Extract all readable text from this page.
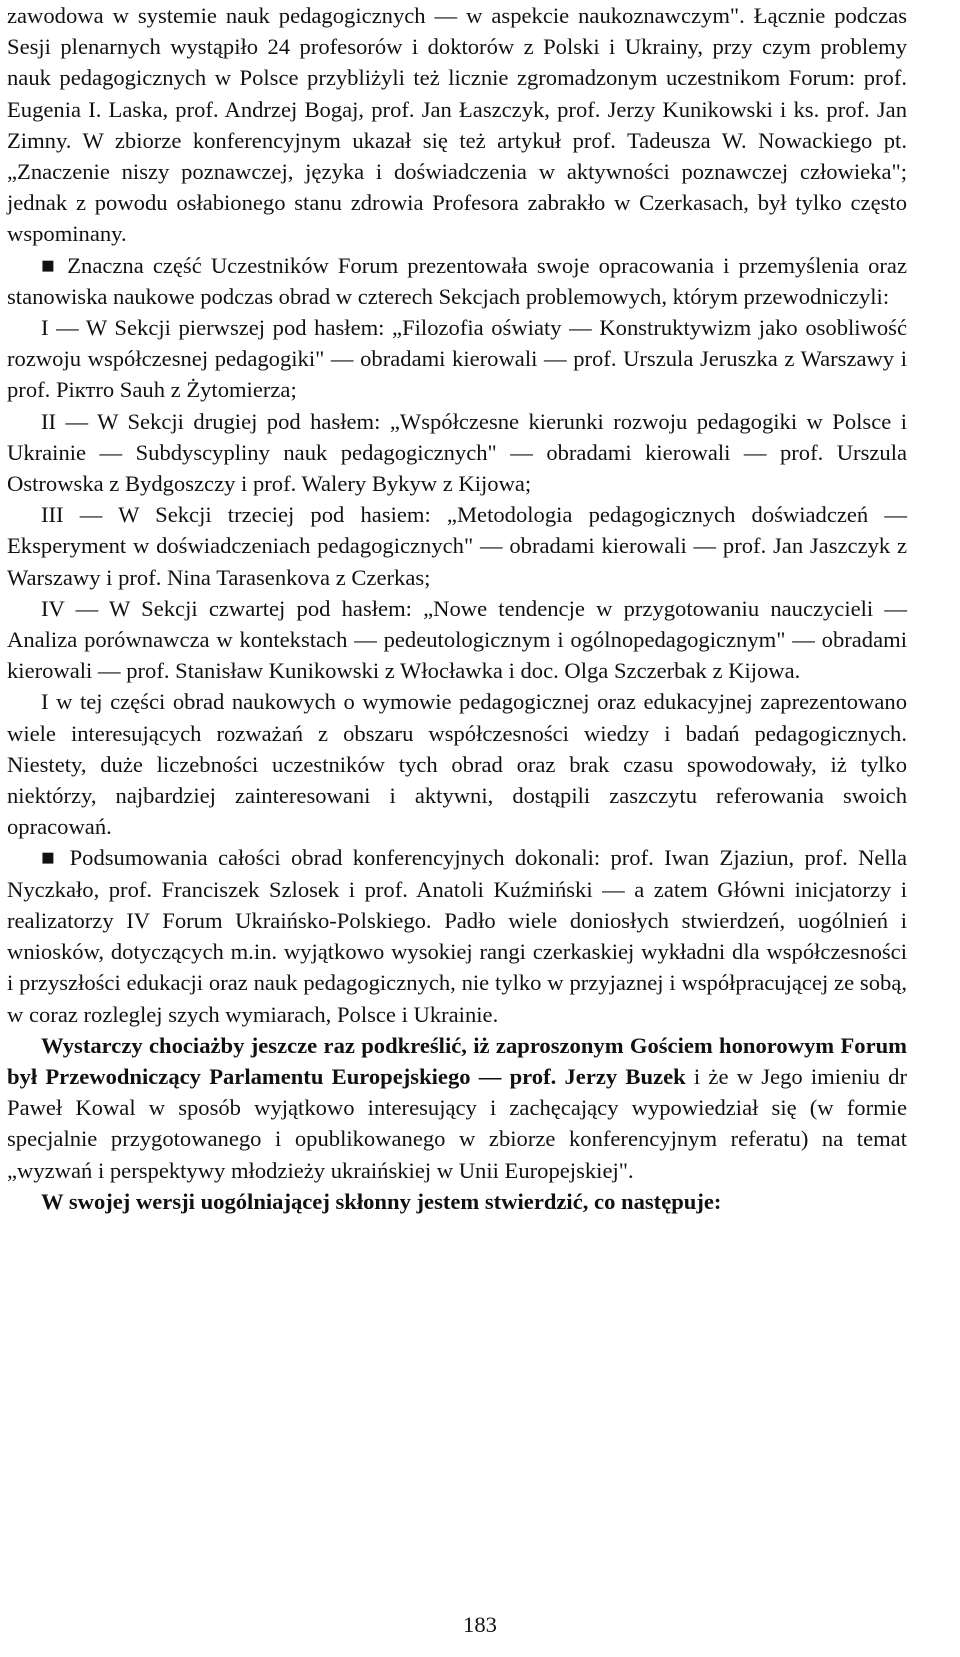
zawodowa w systemie nauk pedagogicznych — w aspekcie naukoznawczym". Łącznie podczas Sesji plenarnych wystąpiło 24 profesorów i doktorów z Polski i Ukrainy, przy czym problemy nauk pedagogicznych w Polsce przybliżyli też licznie zgromadzonym uczestnikom Forum: prof. Eugenia I. Laska, prof. Andrzej Bogaj, prof. Jan Łaszczyk, prof. Jerzy Kunikowski i ks. prof. Jan Zimny. W zbiorze konferencyjnym ukazał się też artykuł prof. Tadeusza W. Nowackiego pt. „Znaczenie niszy poznawczej, języka i doświadczenia w aktywności poznawczej człowieka"; jednak z powodu osłabionego stanu zdrowia Profesora zabrakło w Czerkasach, był tylko często wspominany.

■ Znaczna część Uczestników Forum prezentowała swoje opracowania i przemyślenia oraz stanowiska naukowe podczas obrad w czterech Sekcjach problemowych, którym przewodniczyli:

I — W Sekcji pierwszej pod hasłem: „Filozofia oświaty — Konstruktywizm jako osobliwość rozwoju współczesnej pedagogiki" — obradami kierowali — prof. Urszula Jeruszka z Warszawy i prof. Ріктro Sauh z Żytomierza;

II — W Sekcji drugiej pod hasłem: „Współczesne kierunki rozwoju pedagogiki w Polsce i Ukrainie — Subdyscypliny nauk pedagogicznych" — obradami kierowali — prof. Urszula Ostrowska z Bydgoszczy i prof. Walery Bykyw z Kijowa;

III — W Sekcji trzeciej pod hasiem: „Metodologia pedagogicznych doświadczeń — Eksperyment w doświadczeniach pedagogicznych" — obradami kierowali — prof. Jan Jaszczyk z Warszawy i prof. Nina Tarasenkova z Czerkas;

IV — W Sekcji czwartej pod hasłem: „Nowe tendencje w przygotowaniu nauczycieli — Analiza porównawcza w kontekstach — pedeutologicznym i ogólnopedagogicznym" — obradami kierowali — prof. Stanisław Kunikowski z Włocławka i doc. Olga Szczerbak z Kijowa.

I w tej części obrad naukowych o wymowie pedagogicznej oraz edukacyjnej zaprezentowano wiele interesujących rozważań z obszaru współczesności wiedzy i badań pedagogicznych. Niestety, duże liczebności uczestników tych obrad oraz brak czasu spowodowały, iż tylko niektórzy, najbardziej zainteresowani i aktywni, dostąpili zaszczytu referowania swoich opracowań.

■ Podsumowania całości obrad konferencyjnych dokonali: prof. Iwan Zjaziun, prof. Nella Nyczkało, prof. Franciszek Szlosek i prof. Anatoli Kuźmiński — a zatem Główni inicjatorzy i realizatorzy IV Forum Ukraińsko-Polskiego. Padło wiele doniosłych stwierdzeń, uogólnień i wniosków, dotyczących m.in. wyjątkowo wysokiej rangi czerkaskiej wykładni dla współczesności i przyszłości edukacji oraz nauk pedagogicznych, nie tylko w przyjaznej i współpracującej ze sobą, w coraz rozleglej szych wymiarach, Polsce i Ukrainie.

Wystarczy chociażby jeszcze raz podkreślić, iż zaproszonym Gościem honorowym Forum był Przewodniczący Parlamentu Europejskiego — prof. Jerzy Buzek i że w Jego imieniu dr Paweł Kowal w sposób wyjątkowo interesujący i zachęcający wypowiedział się (w formie specjalnie przygotowanego i opublikowanego w zbiorze konferencyjnym referatu) na temat „wyzwań i perspektywy młodzieży ukraińskiej w Unii Europejskiej".

W swojej wersji uogólniającej skłonny jestem stwierdzić, co następuje:

183
